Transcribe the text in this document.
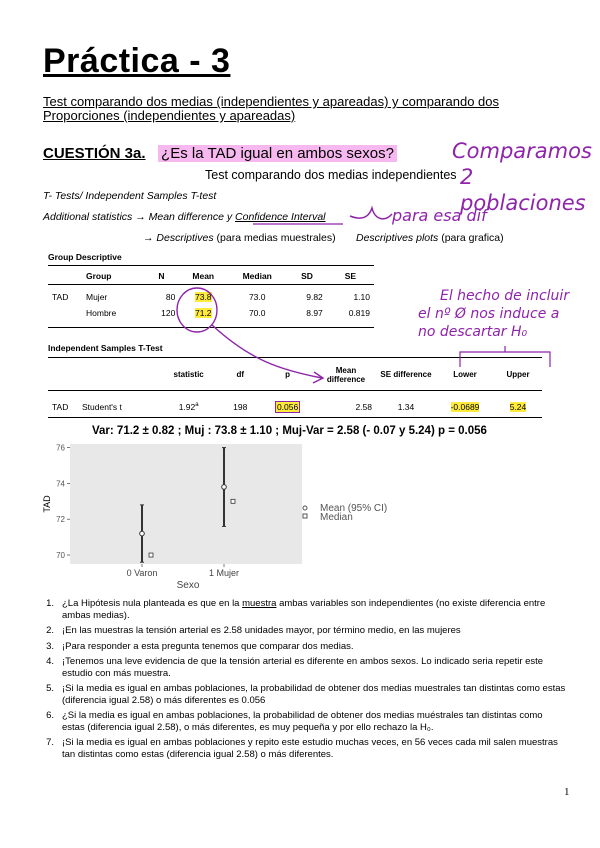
Práctica - 3
Test comparando dos medias (independientes y apareadas) y comparando dos Proporciones (independientes y apareadas)
CUESTIÓN 3a. ¿Es la TAD igual en ambos sexos?
Test comparando dos medias independientes
T- Tests/ Independent Samples T-test
Additional statistics → Mean difference y Confidence Interval
→ Descriptives (para medias muestrales) Descriptives plots (para grafica)
Group Descriptive
	Group	N	Mean	Median	SD	SE

TAD	Mujer	80	73.8	73.0	9.82	1.10
	Hombre	120	71.2	70.0	8.97	0.819
Independent Samples T-Test
		statistic	df	p	Mean difference	SE difference	Lower	Upper

TAD	Student's t	1.92$^a$	198	0.056	2.58	1.34	-0.0689	5.24
Var: 71.2 ± 0.82 ; Muj : 73.8 ± 1.10 ; Muj-Var = 2.58 (- 0.07 y 5.24) p = 0.056
70
72
74
76
0 Varon	1 Mujer
TAD
Sexo
Mean (95% CI)
Median
Comparamos
2 poblaciones
para esa dif
El hecho de incluir
el nº Ø nos induce a
no descartar H₀
1. ¿La Hipótesis nula planteada es que en la muestra ambas variables son independientes (no existe diferencia entre ambas medias).
2. ¡En las muestras la tensión arterial es 2.58 unidades mayor, por término medio, en las mujeres
3. ¡Para responder a esta pregunta tenemos que comparar dos medias.
4. ¡Tenemos una leve evidencia de que la tensión arterial es diferente en ambos sexos. Lo indicado seria repetir este estudio con más muestra.
5. ¡Si la media es igual en ambas poblaciones, la probabilidad de obtener dos medias muestrales tan distintas como estas (diferencia igual 2.58) o más diferentes es 0.056
6. ¿Si la media es igual en ambas poblaciones, la probabilidad de obtener dos medias muéstrales tan distintas como estas (diferencia igual 2.58), o más diferentes, es muy pequeña y por ello rechazo la H₀.
7. ¡Si la media es igual en ambas poblaciones y repito este estudio muchas veces, en 56 veces cada mil salen muestras tan distintas como estas (diferencia igual 2.58) o más diferentes.
1
